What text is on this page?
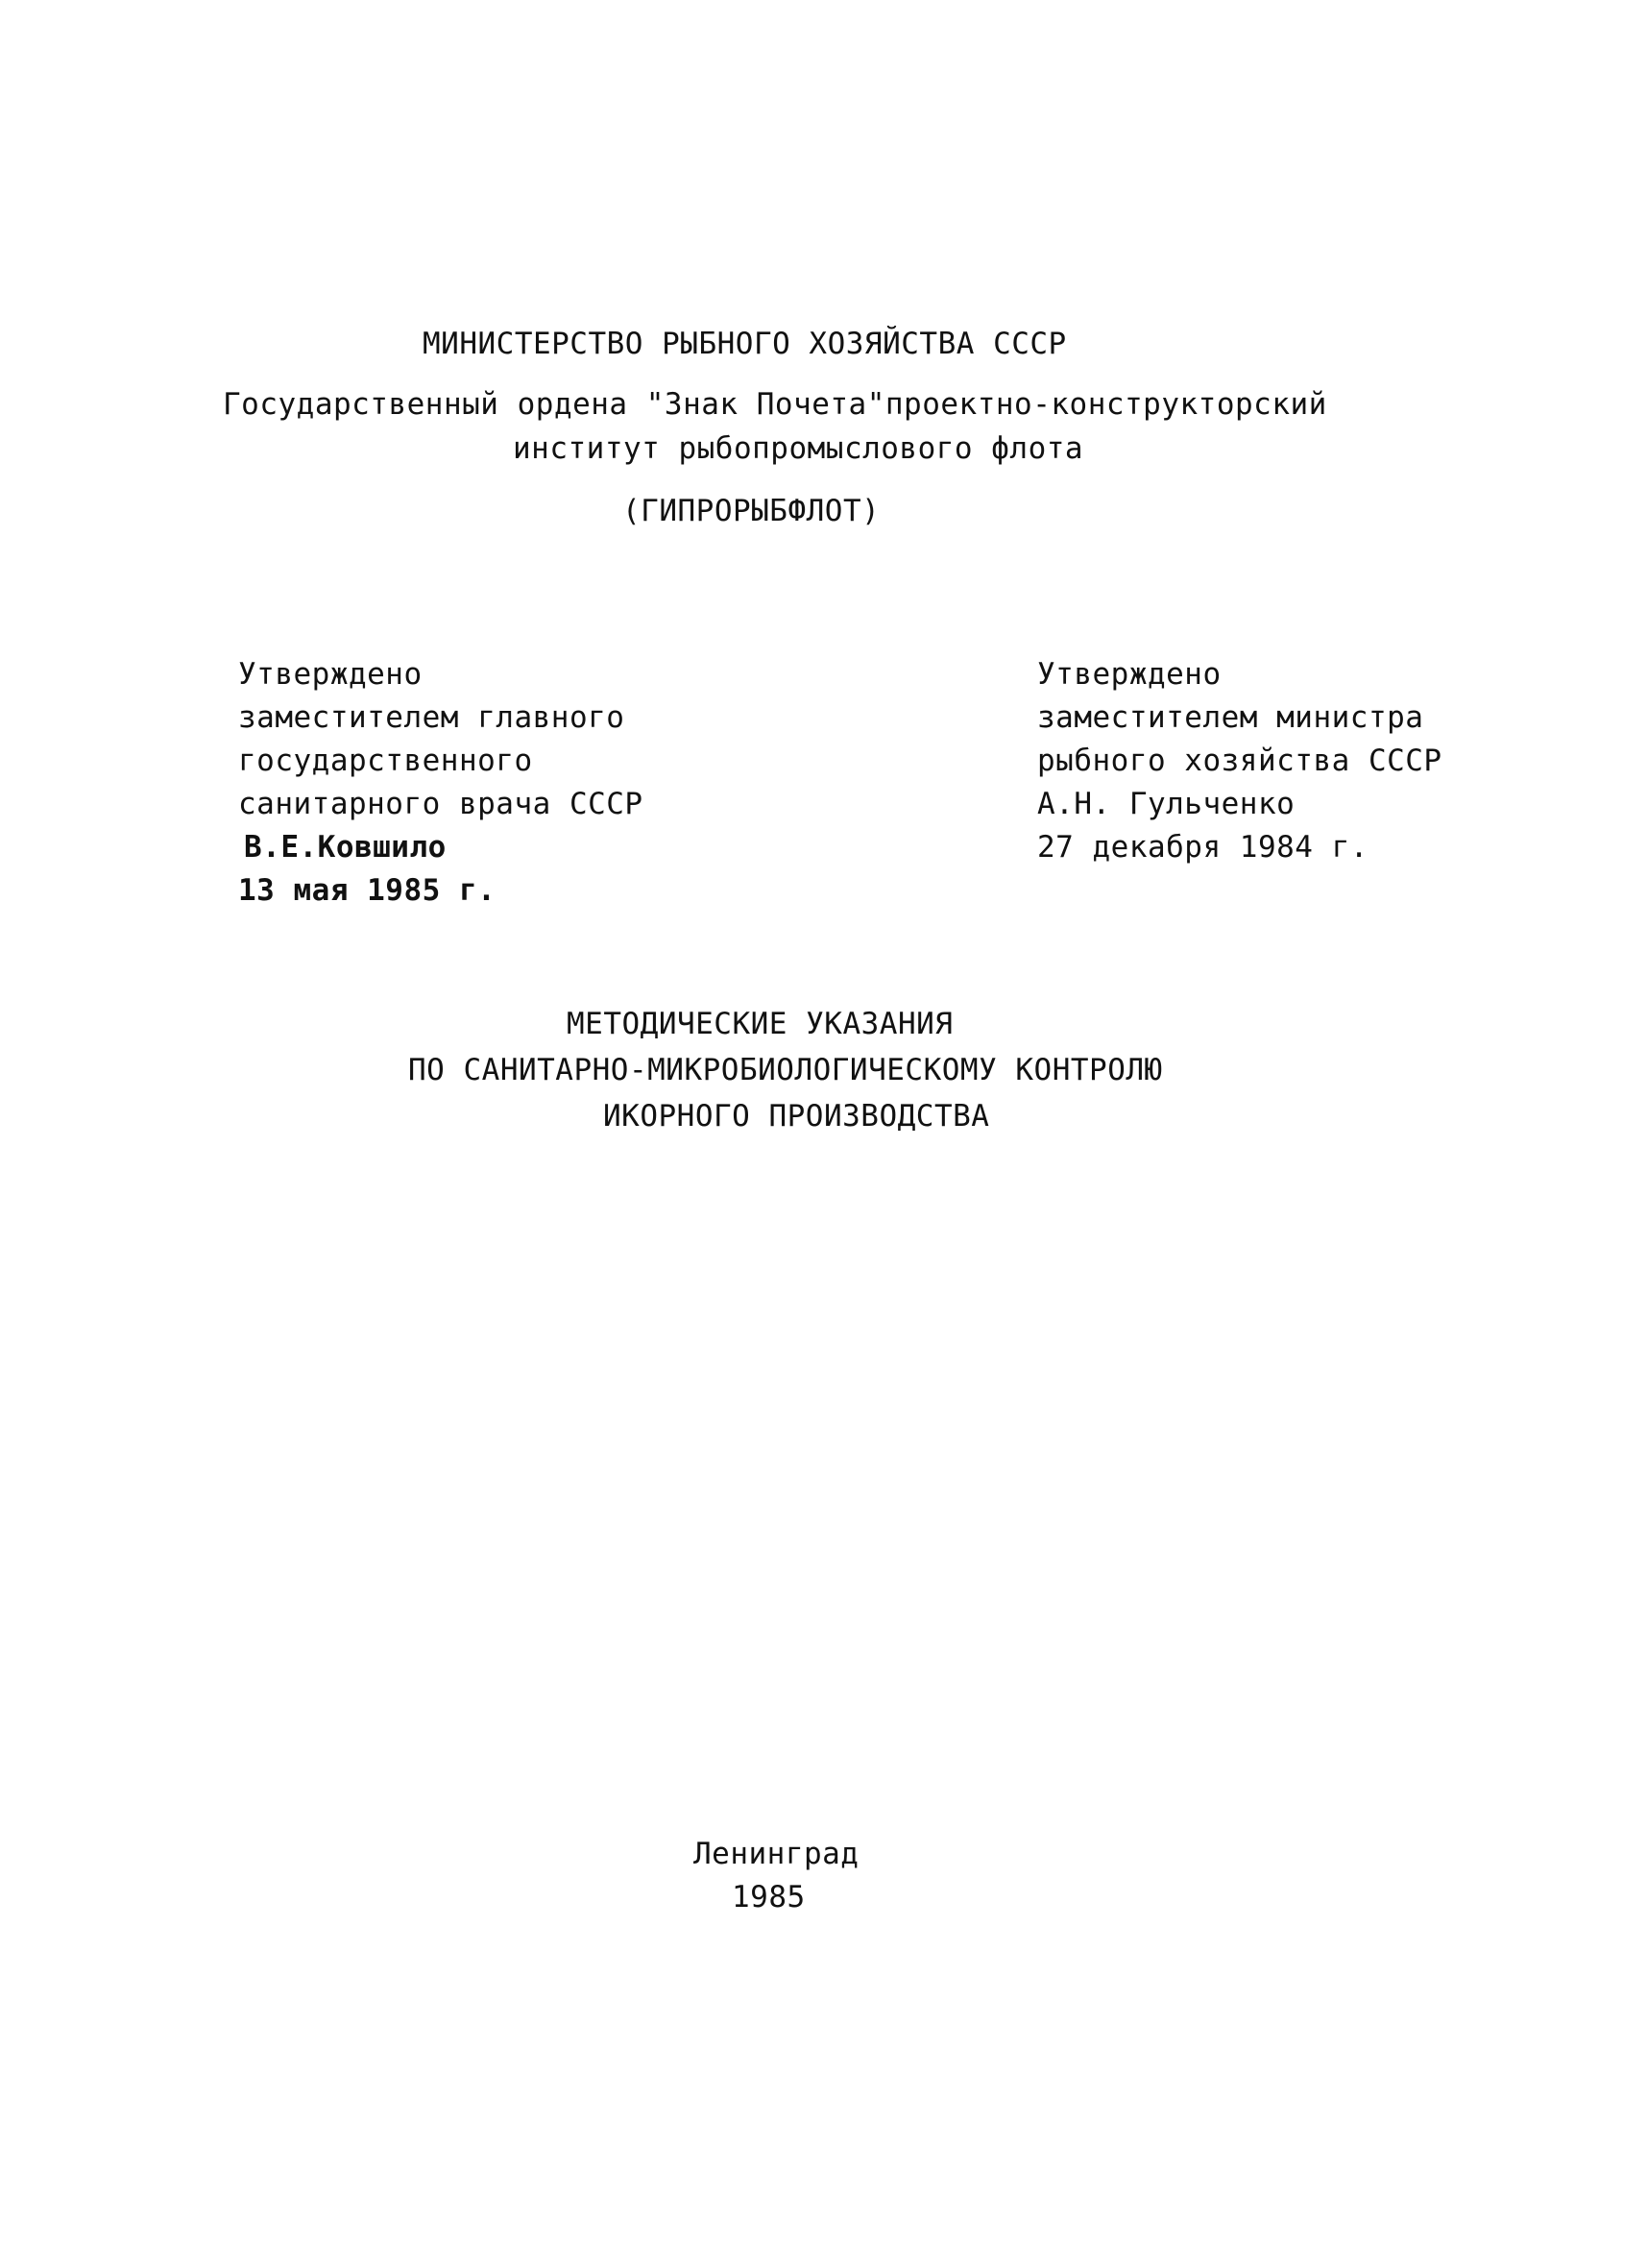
МИНИСТЕРСТВО РЫБНОГО ХОЗЯЙСТВА СССР
Государственный ордена "Знак Почета"проектно-конструкторский
институт рыбопромыслового флота
(ГИПРОРЫБФЛОТ)
Утверждено
заместителем главного
государственного
санитарного врача СССР
В.Е.Ковшило
13 мая 1985 г.
Утверждено
заместителем министра
рыбного хозяйства СССР
А.Н. Гульченко
27 декабря 1984 г.
МЕТОДИЧЕСКИЕ УКАЗАНИЯ
ПО САНИТАРНО-МИКРОБИОЛОГИЧЕСКОМУ КОНТРОЛЮ
ИКОРНОГО ПРОИЗВОДСТВА
Ленинград
1985
